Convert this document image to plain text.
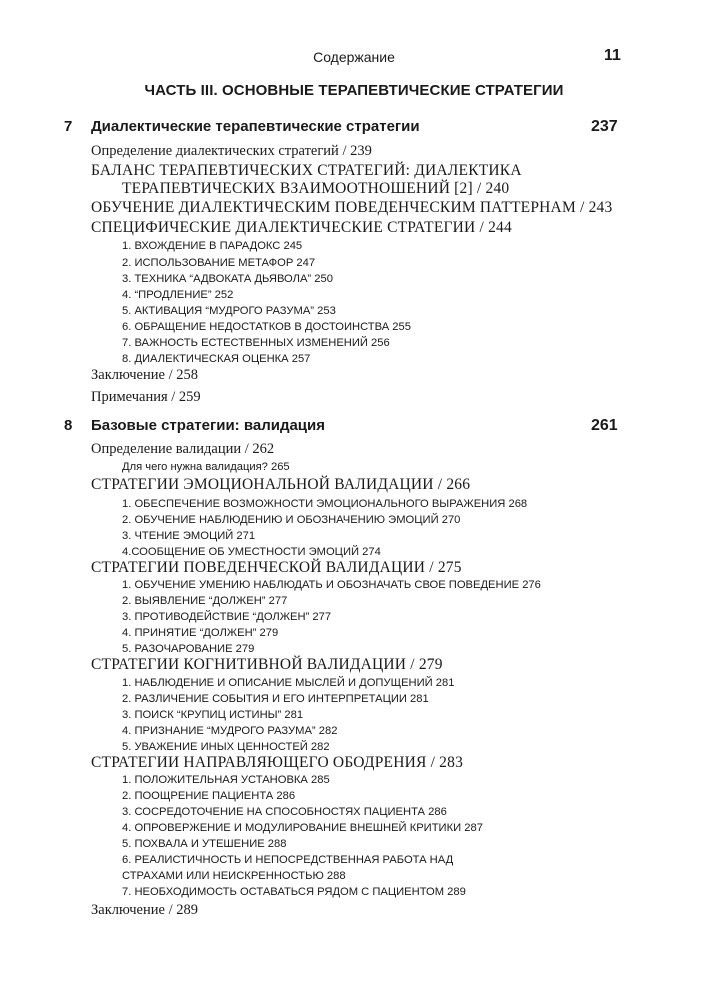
Содержание	11
ЧАСТЬ III. ОСНОВНЫЕ ТЕРАПЕВТИЧЕСКИЕ СТРАТЕГИИ
7 Диалектические терапевтические стратегии	237
Определение диалектических стратегий / 239
БАЛАНС ТЕРАПЕВТИЧЕСКИХ СТРАТЕГИЙ: ДИАЛЕКТИКА
ТЕРАПЕВТИЧЕСКИХ ВЗАИМООТНОШЕНИЙ [2] / 240
ОБУЧЕНИЕ ДИАЛЕКТИЧЕСКИМ ПОВЕДЕНЧЕСКИМ ПАТТЕРНАМ / 243
СПЕЦИФИЧЕСКИЕ ДИАЛЕКТИЧЕСКИЕ СТРАТЕГИИ / 244
1. ВХОЖДЕНИЕ В ПАРАДОКС 245
2. ИСПОЛЬЗОВАНИЕ МЕТАФОР 247
3. ТЕХНИКА “АДВОКАТА ДЬЯВОЛА” 250
4. “ПРОДЛЕНИЕ” 252
5. АКТИВАЦИЯ “МУДРОГО РАЗУМА” 253
6. ОБРАЩЕНИЕ НЕДОСТАТКОВ В ДОСТОИНСТВА 255
7. ВАЖНОСТЬ ЕСТЕСТВЕННЫХ ИЗМЕНЕНИЙ 256
8. ДИАЛЕКТИЧЕСКАЯ ОЦЕНКА 257
Заключение / 258
Примечания / 259
8 Базовые стратегии: валидация	261
Определение валидации / 262
Для чего нужна валидация? 265
СТРАТЕГИИ ЭМОЦИОНАЛЬНОЙ ВАЛИДАЦИИ / 266
1. ОБЕСПЕЧЕНИЕ ВОЗМОЖНОСТИ ЭМОЦИОНАЛЬНОГО ВЫРАЖЕНИЯ 268
2. ОБУЧЕНИЕ НАБЛЮДЕНИЮ И ОБОЗНАЧЕНИЮ ЭМОЦИЙ 270
3. ЧТЕНИЕ ЭМОЦИЙ 271
4.СООБЩЕНИЕ ОБ УМЕСТНОСТИ ЭМОЦИЙ 274
СТРАТЕГИИ ПОВЕДЕНЧЕСКОЙ ВАЛИДАЦИИ / 275
1. ОБУЧЕНИЕ УМЕНИЮ НАБЛЮДАТЬ И ОБОЗНАЧАТЬ СВОЕ ПОВЕДЕНИЕ 276
2. ВЫЯВЛЕНИЕ “ДОЛЖЕН” 277
3. ПРОТИВОДЕЙСТВИЕ “ДОЛЖЕН” 277
4. ПРИНЯТИЕ “ДОЛЖЕН” 279
5. РАЗОЧАРОВАНИЕ 279
СТРАТЕГИИ КОГНИТИВНОЙ ВАЛИДАЦИИ / 279
1. НАБЛЮДЕНИЕ И ОПИСАНИЕ МЫСЛЕЙ И ДОПУЩЕНИЙ 281
2. РАЗЛИЧЕНИЕ СОБЫТИЯ И ЕГО ИНТЕРПРЕТАЦИИ 281
3. ПОИСК “КРУПИЦ ИСТИНЫ” 281
4. ПРИЗНАНИЕ “МУДРОГО РАЗУМА” 282
5. УВАЖЕНИЕ ИНЫХ ЦЕННОСТЕЙ 282
СТРАТЕГИИ НАПРАВЛЯЮЩЕГО ОБОДРЕНИЯ / 283
1. ПОЛОЖИТЕЛЬНАЯ УСТАНОВКА 285
2. ПООЩРЕНИЕ ПАЦИЕНТА 286
3. СОСРЕДОТОЧЕНИЕ НА СПОСОБНОСТЯХ ПАЦИЕНТА 286
4. ОПРОВЕРЖЕНИЕ И МОДУЛИРОВАНИЕ ВНЕШНЕЙ КРИТИКИ 287
5. ПОХВАЛА И УТЕШЕНИЕ 288
6. РЕАЛИСТИЧНОСТЬ И НЕПОСРЕДСТВЕННАЯ РАБОТА НАД
СТРАХАМИ ИЛИ НЕИСКРЕННОСТЬЮ 288
7. НЕОБХОДИМОСТЬ ОСТАВАТЬСЯ РЯДОМ С ПАЦИЕНТОМ 289
Заключение / 289
